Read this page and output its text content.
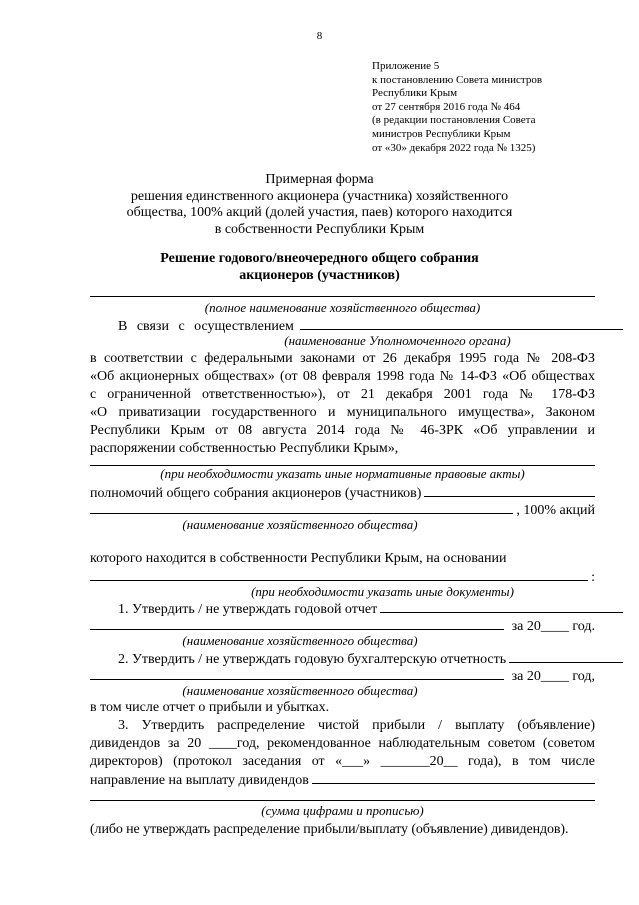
8
Приложение 5
к постановлению Совета министров
Республики Крым
от 27 сентября 2016 года № 464
(в редакции постановления Совета
министров Республики Крым
от «30» декабря 2022 года № 1325)
Примерная форма
решения единственного акционера (участника) хозяйственного
общества, 100% акций (долей участия, паев) которого находится
в собственности Республики Крым
Решение годового/внеочередного общего собрания
акционеров (участников)
(полное наименование хозяйственного общества)
В связи с осуществлением
(наименование Уполномоченного органа)
в соответствии с федеральными законами от 26 декабря 1995 года № 208-ФЗ
«Об акционерных обществах» (от 08 февраля 1998 года № 14-ФЗ «Об обществах
с ограниченной ответственностью»), от 21 декабря 2001 года № 178-ФЗ
«О приватизации государственного и муниципального имущества», Законом
Республики Крым от 08 августа 2014 года № 46-ЗРК «Об управлении и
распоряжении собственностью Республики Крым»,
(при необходимости указать иные нормативные правовые акты)
полномочий общего собрания акционеров (участников)
, 100% акций
(наименование хозяйственного общества)
которого находится в собственности Республики Крым, на основании
:
(при необходимости указать иные документы)
1. Утвердить / не утверждать годовой отчет
за 20____ год.
(наименование хозяйственного общества)
2. Утвердить / не утверждать годовую бухгалтерскую отчетность
за 20____ год,
(наименование хозяйственного общества)
в том числе отчет о прибыли и убытках.
3. Утвердить распределение чистой прибыли / выплату (объявление)
дивидендов за 20 ____год, рекомендованное наблюдательным советом (советом
директоров) (протокол заседания от «___» _______20__ года), в том числе
направление на выплату дивидендов
(сумма цифрами и прописью)
(либо не утверждать распределение прибыли/выплату (объявление) дивидендов).
